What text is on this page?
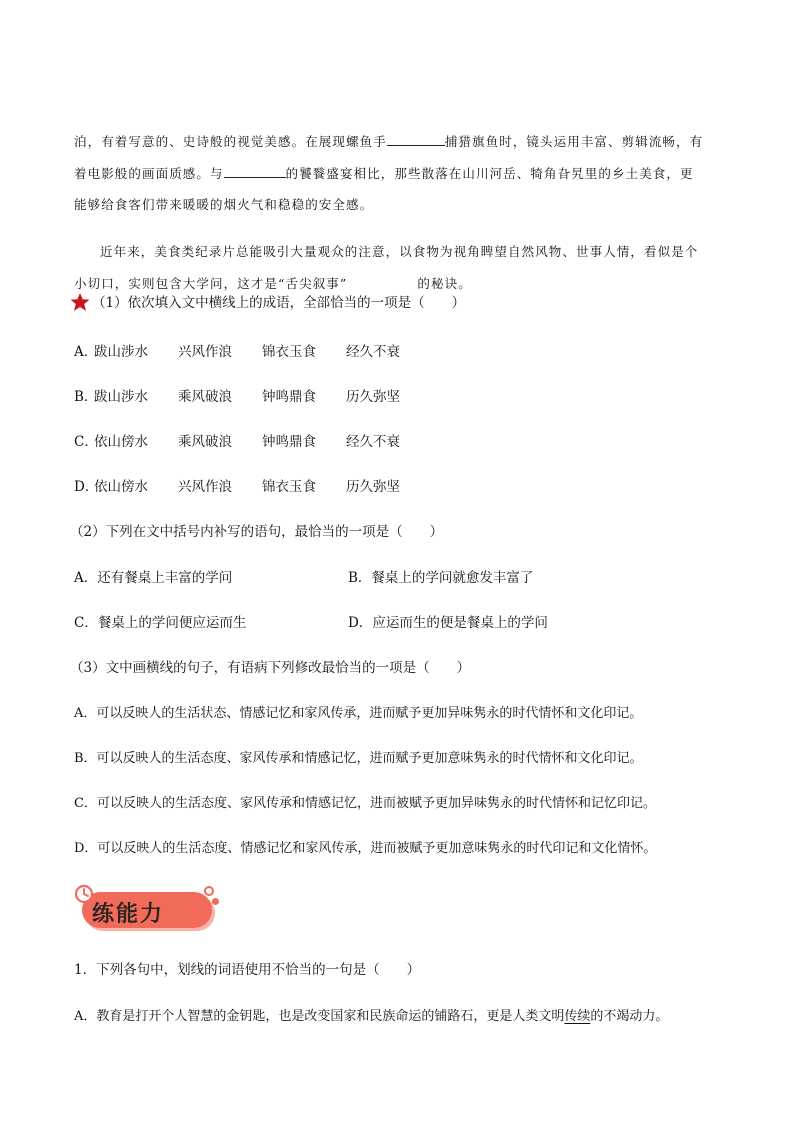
泊，有着写意的、史诗般的视觉美感。在展现螺鱼手	捕猎旗鱼时，镜头运用丰富、剪辑流畅，有
着电影般的画面质感。与	的饕餮盛宴相比，那些散落在山川河岳、犄角旮旯里的乡土美食，更
能够给食客们带来暖暖的烟火气和稳稳的安全感。
近年来，美食类纪录片总能吸引大量观众的注意，以食物为视角睥望自然风物、世事人情，看似是个
小切口，实则包含大学问，这才是“舌尖叙事”	的秘诀。
（1）依次填入文中横线上的成语，全部恰当的一项是（　　）
A．
跋山涉水 兴风作浪 锦衣玉食 经久不衰
B．
跋山涉水 乘风破浪 钟鸣鼎食 历久弥坚
C．
依山傍水 乘风破浪 钟鸣鼎食 经久不衰
D．
依山傍水 兴风作浪 锦衣玉食 历久弥坚
（2）下列在文中括号内补写的语句，最恰当的一项是（　　）
A．还有餐桌上丰富的学问	B．餐桌上的学问就愈发丰富了
C．餐桌上的学问便应运而生	D．应运而生的便是餐桌上的学问
（3）文中画横线的句子，有语病下列修改最恰当的一项是（　　）
A．可以反映人的生活状态、情感记忆和家风传承，进而赋予更加异味隽永的时代情怀和文化印记。
B．可以反映人的生活态度、家风传承和情感记忆，进而赋予更加意味隽永的时代情怀和文化印记。
C．可以反映人的生活态度、家风传承和情感记忆，进而被赋予更加异味隽永的时代情怀和记忆印记。
D．可以反映人的生活态度、情感记忆和家风传承，进而被赋予更加意味隽永的时代印记和文化情怀。
练能力
1．下列各句中，划线的词语使用不恰当的一句是（　　）
A．教育是打开个人智慧的金钥匙，也是改变国家和民族命运的铺路石，更是人类文明传续的不竭动力。
